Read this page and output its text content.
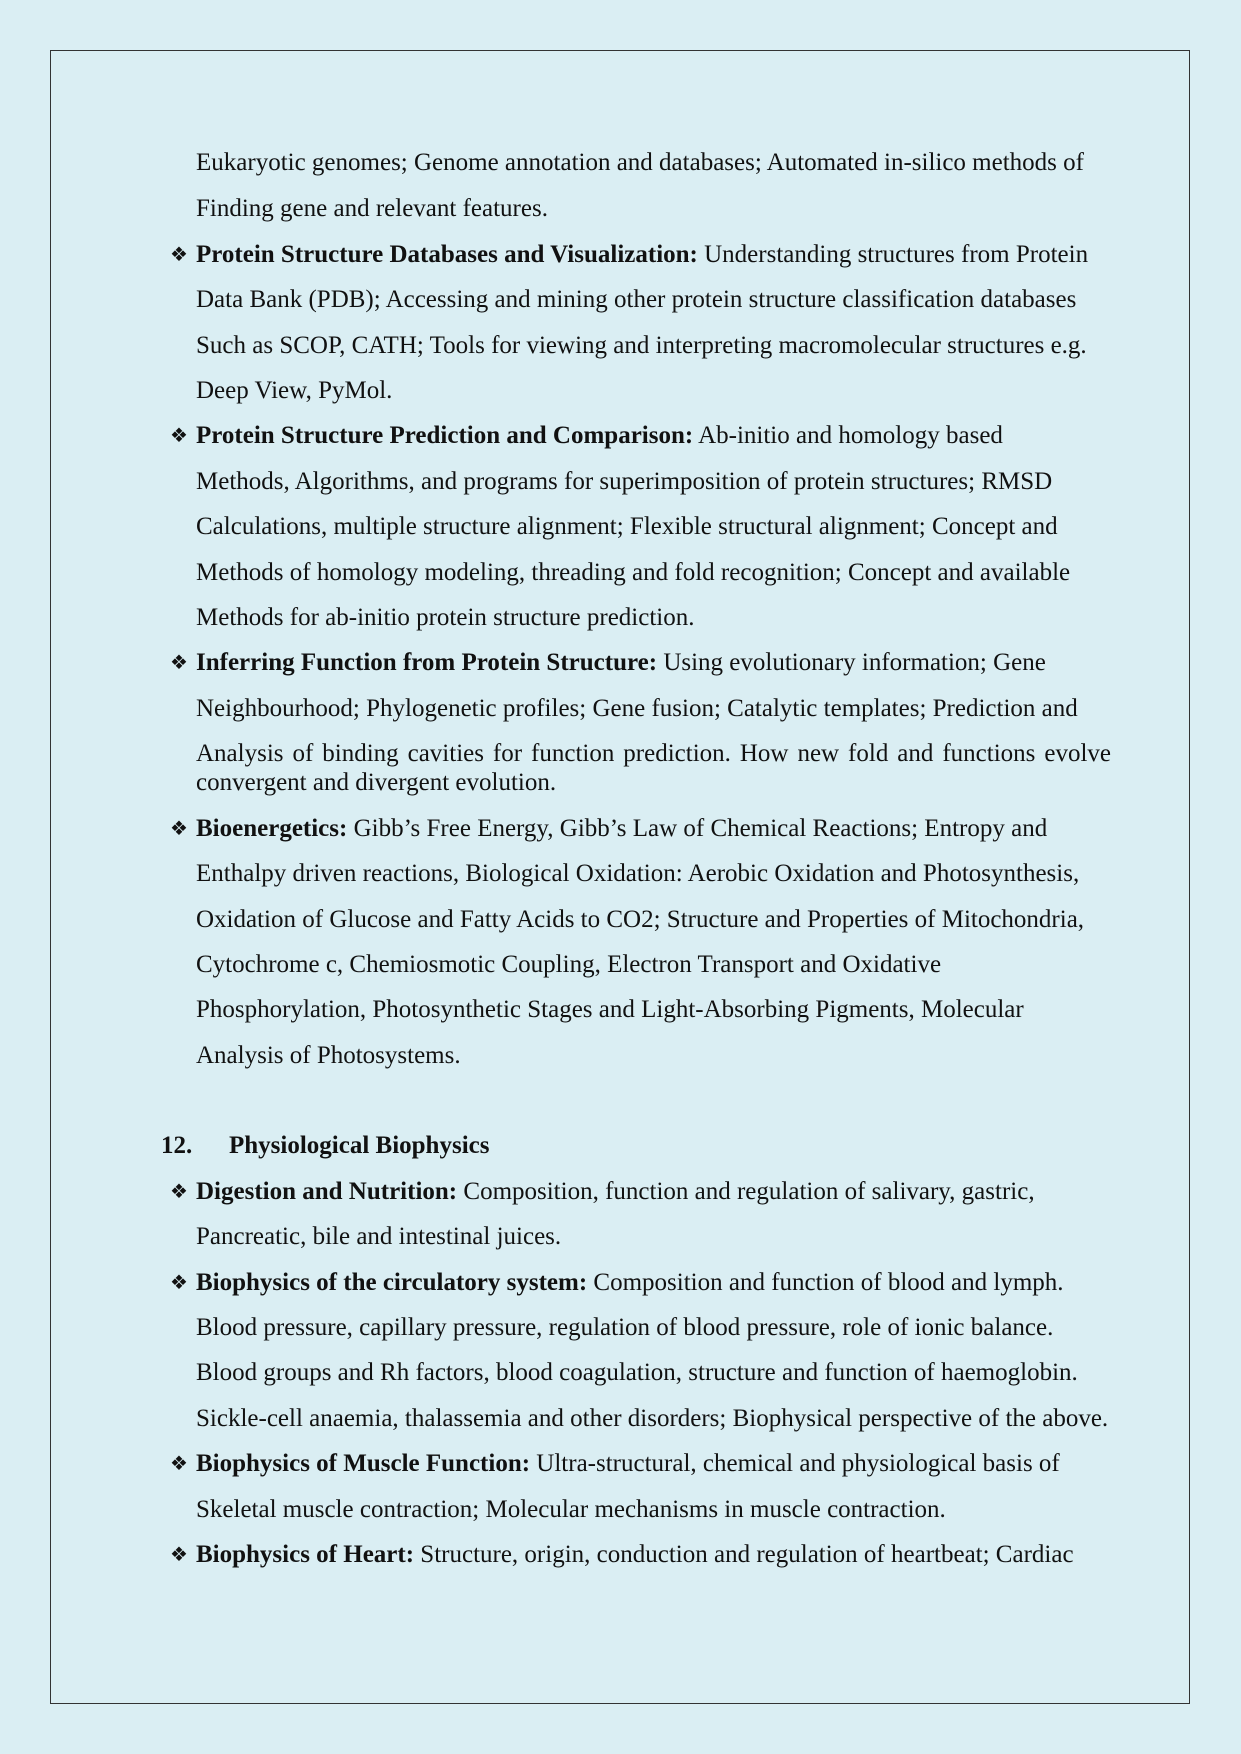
Eukaryotic genomes; Genome annotation and databases; Automated in-silico methods of
Finding gene and relevant features.
❖ Protein Structure Databases and Visualization: Understanding structures from Protein
Data Bank (PDB); Accessing and mining other protein structure classification databases
Such as SCOP, CATH; Tools for viewing and interpreting macromolecular structures e.g.
Deep View, PyMol.
❖ Protein Structure Prediction and Comparison: Ab-initio and homology based
Methods, Algorithms, and programs for superimposition of protein structures; RMSD
Calculations, multiple structure alignment; Flexible structural alignment; Concept and
Methods of homology modeling, threading and fold recognition; Concept and available
Methods for ab-initio protein structure prediction.
❖ Inferring Function from Protein Structure: Using evolutionary information; Gene
Neighbourhood; Phylogenetic profiles; Gene fusion; Catalytic templates; Prediction and
Analysis of binding cavities for function prediction. How new fold and functions evolve
convergent and divergent evolution.
❖ Bioenergetics: Gibb’s Free Energy, Gibb’s Law of Chemical Reactions; Entropy and
Enthalpy driven reactions, Biological Oxidation: Aerobic Oxidation and Photosynthesis,
Oxidation of Glucose and Fatty Acids to CO2; Structure and Properties of Mitochondria,
Cytochrome c, Chemiosmotic Coupling, Electron Transport and Oxidative
Phosphorylation, Photosynthetic Stages and Light-Absorbing Pigments, Molecular
Analysis of Photosystems.
12. Physiological Biophysics
❖ Digestion and Nutrition: Composition, function and regulation of salivary, gastric,
Pancreatic, bile and intestinal juices.
❖ Biophysics of the circulatory system: Composition and function of blood and lymph.
Blood pressure, capillary pressure, regulation of blood pressure, role of ionic balance.
Blood groups and Rh factors, blood coagulation, structure and function of haemoglobin.
Sickle-cell anaemia, thalassemia and other disorders; Biophysical perspective of the above.
❖ Biophysics of Muscle Function: Ultra-structural, chemical and physiological basis of
Skeletal muscle contraction; Molecular mechanisms in muscle contraction.
❖ Biophysics of Heart: Structure, origin, conduction and regulation of heartbeat; Cardiac
